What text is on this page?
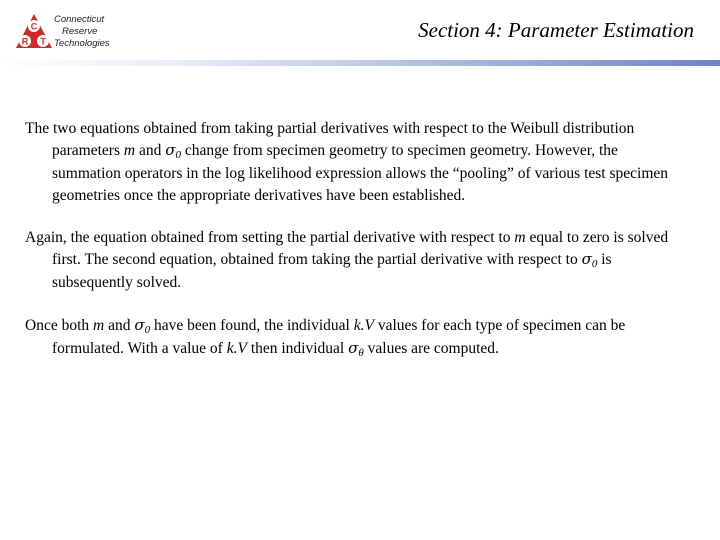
C
R T
Connecticut
Reserve
Technologies
Section 4: Parameter Estimation

The two equations obtained from taking partial derivatives with respect to the Weibull distribution parameters m and σ0 change from specimen geometry to specimen geometry. However, the summation operators in the log likelihood expression allows the “pooling” of various test specimen geometries once the appropriate derivatives have been established.

Again, the equation obtained from setting the partial derivative with respect to m equal to zero is solved first. The second equation, obtained from taking the partial derivative with respect to σ0 is subsequently solved.

Once both m and σ0 have been found, the individual k.V values for each type of specimen can be formulated. With a value of k.V then individual σθ values are computed.
